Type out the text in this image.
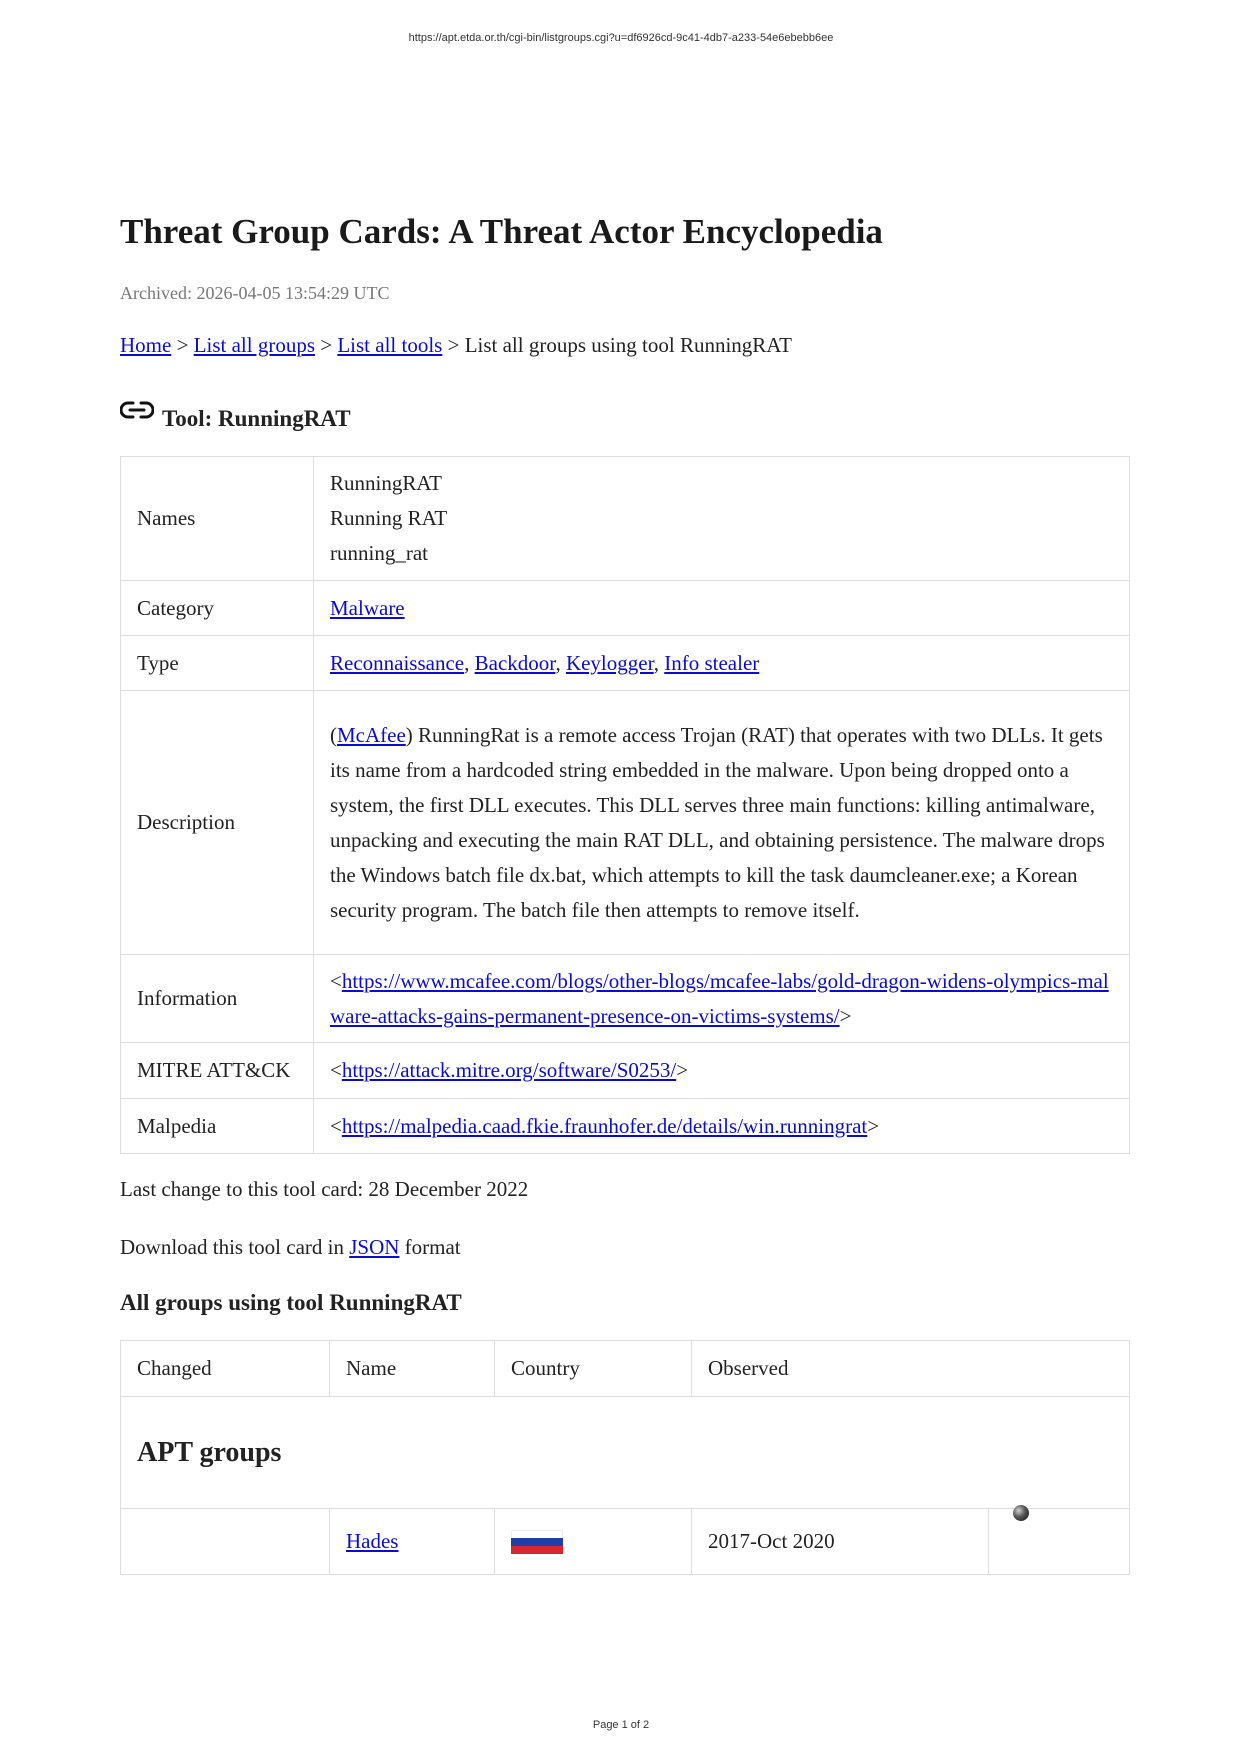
https://apt.etda.or.th/cgi-bin/listgroups.cgi?u=df6926cd-9c41-4db7-a233-54e6ebebb6ee
Threat Group Cards: A Threat Actor Encyclopedia
Archived: 2026-04-05 13:54:29 UTC
Home > List all groups > List all tools > List all groups using tool RunningRAT
Tool: RunningRAT
Names	RunningRAT
Running RAT
running_rat

Category	Malware
Type	Reconnaissance, Backdoor, Keylogger, Info stealer
Description	(McAfee) RunningRat is a remote access Trojan (RAT) that operates with two DLLs. It gets its name from a hardcoded string embedded in the malware. Upon being dropped onto a system, the first DLL executes. This DLL serves three main functions: killing antimalware, unpacking and executing the main RAT DLL, and obtaining persistence. The malware drops the Windows batch file dx.bat, which attempts to kill the task daumcleaner.exe; a Korean security program. The batch file then attempts to remove itself.
Information	<https://www.mcafee.com/blogs/other-blogs/mcafee-labs/gold-dragon-widens-olympics-malware-attacks-gains-permanent-presence-on-victims-systems/>
MITRE ATT&CK	<https://attack.mitre.org/software/S0253/>
Malpedia	<https://malpedia.caad.fkie.fraunhofer.de/details/win.runningrat>
Last change to this tool card: 28 December 2022
Download this tool card in JSON format
All groups using tool RunningRAT
Changed	Name	Country	Observed	
APT groups				
	Hades		2017-Oct 2020	
Page 1 of 2
